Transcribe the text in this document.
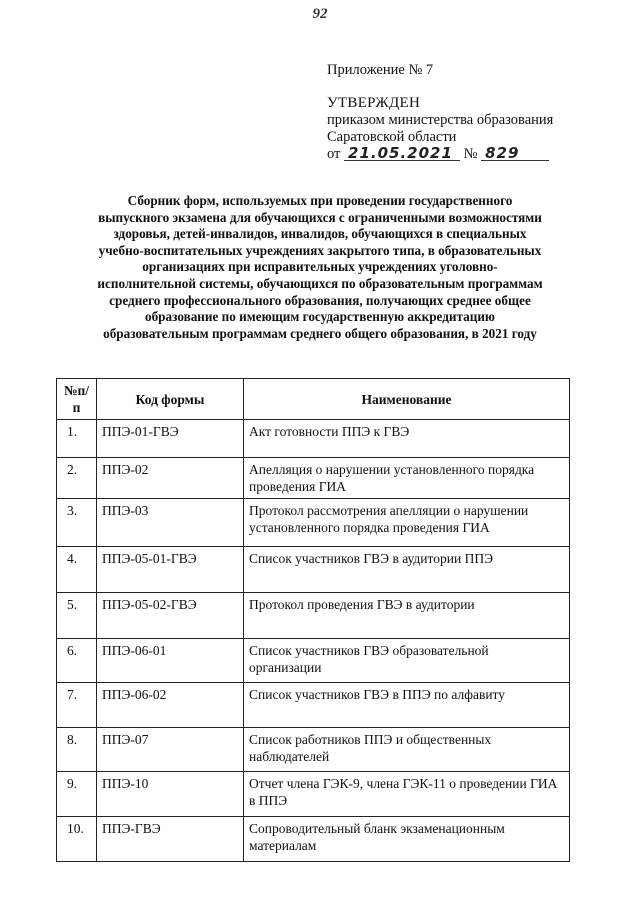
92
Приложение № 7
УТВЕРЖДЕН
приказом министерства образования
Саратовской области
от 21.05.2021 № 829
Сборник форм, используемых при проведении государственного
выпускного экзамена для обучающихся с ограниченными возможностями
здоровья, детей-инвалидов, инвалидов, обучающихся в специальных
учебно-воспитательных учреждениях закрытого типа, в образовательных
организациях при исправительных учреждениях уголовно-
исполнительной системы, обучающихся по образовательным программам
среднего профессионального образования, получающих среднее общее
образование по имеющим государственную аккредитацию
образовательным программам среднего общего образования, в 2021 году
№п/п	Код формы	Наименование
1.	ППЭ-01-ГВЭ	Акт готовности ППЭ к ГВЭ
2.	ППЭ-02	Апелляция о нарушении установленного порядка проведения ГИА
3.	ППЭ-03	Протокол рассмотрения апелляции о нарушении установленного порядка проведения ГИА
4.	ППЭ-05-01-ГВЭ	Список участников ГВЭ в аудитории ППЭ
5.	ППЭ-05-02-ГВЭ	Протокол проведения ГВЭ в аудитории
6.	ППЭ-06-01	Список участников ГВЭ образовательной организации
7.	ППЭ-06-02	Список участников ГВЭ в ППЭ по алфавиту
8.	ППЭ-07	Список работников ППЭ и общественных наблюдателей
9.	ППЭ-10	Отчет члена ГЭК-9, члена ГЭК-11 о проведении ГИА в ППЭ
10.	ППЭ-ГВЭ	Сопроводительный бланк экзаменационным материалам
